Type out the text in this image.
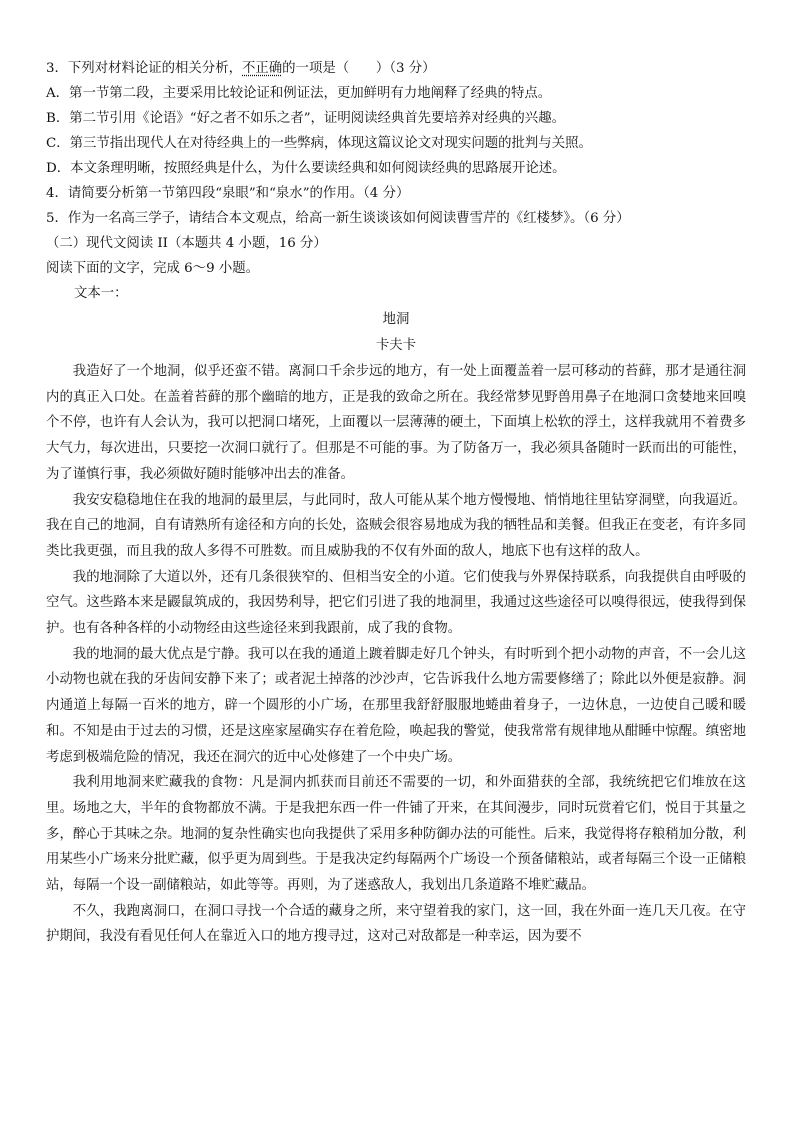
3．下列对材料论证的相关分析，不正确的一项是（　　）（3 分）
A．第一节第二段，主要采用比较论证和例证法，更加鲜明有力地阐释了经典的特点。
B．第二节引用《论语》“好之者不如乐之者”，证明阅读经典首先要培养对经典的兴趣。
C．第三节指出现代人在对待经典上的一些弊病，体现这篇议论文对现实问题的批判与关照。
D．本文条理明晰，按照经典是什么，为什么要读经典和如何阅读经典的思路展开论述。
4．请简要分析第一节第四段“泉眼”和“泉水”的作用。（4 分）
5．作为一名高三学子，请结合本文观点，给高一新生谈谈该如何阅读曹雪芹的《红楼梦》。（6 分）
（二）现代文阅读 II（本题共 4 小题，16 分）
阅读下面的文字，完成 6～9 小题。
文本一：
地洞
卡夫卡

我造好了一个地洞，似乎还蛮不错。离洞口千余步远的地方，有一处上面覆盖着一层可移动的苔藓，那才是通往洞内的真正入口处。在盖着苔藓的那个幽暗的地方，正是我的致命之所在。我经常梦见野兽用鼻子在地洞口贪婪地来回嗅个不停，也许有人会认为，我可以把洞口堵死，上面覆以一层薄薄的硬土，下面填上松软的浮土，这样我就用不着费多大气力，每次进出，只要挖一次洞口就行了。但那是不可能的事。为了防备万一，我必须具备随时一跃而出的可能性，为了谨慎行事，我必须做好随时能够冲出去的准备。

我安安稳稳地住在我的地洞的最里层，与此同时，敌人可能从某个地方慢慢地、悄悄地往里钻穿洞壁，向我逼近。我在自己的地洞，自有请熟所有途径和方向的长处，盗贼会很容易地成为我的牺牲品和美餐。但我正在变老，有许多同类比我更强，而且我的敌人多得不可胜数。而且威胁我的不仅有外面的敌人，地底下也有这样的敌人。

我的地洞除了大道以外，还有几条很狭窄的、但相当安全的小道。它们使我与外界保持联系，向我提供自由呼吸的空气。这些路本来是鼹鼠筑成的，我因势利导，把它们引进了我的地洞里，我通过这些途径可以嗅得很远，使我得到保护。也有各种各样的小动物经由这些途径来到我跟前，成了我的食物。

我的地洞的最大优点是宁静。我可以在我的通道上踱着脚走好几个钟头，有时听到个把小动物的声音，不一会儿这小动物也就在我的牙齿间安静下来了；或者泥土掉落的沙沙声，它告诉我什么地方需要修缮了；除此以外便是寂静。洞内通道上每隔一百米的地方，辟一个圆形的小广场，在那里我舒舒服服地蜷曲着身子，一边休息，一边使自己暖和暖和。不知是由于过去的习惯，还是这座家屋确实存在着危险，唤起我的警觉，使我常常有规律地从酣睡中惊醒。缜密地考虑到极端危险的情况，我还在洞穴的近中心处修建了一个中央广场。

我利用地洞来贮藏我的食物：凡是洞内抓获而目前还不需要的一切，和外面猎获的全部，我统统把它们堆放在这里。场地之大，半年的食物都放不满。于是我把东西一件一件铺了开来，在其间漫步，同时玩赏着它们，悦目于其量之多，醉心于其味之杂。地洞的复杂性确实也向我提供了采用多种防御办法的可能性。后来，我觉得将存粮稍加分散，利用某些小广场来分批贮藏，似乎更为周到些。于是我决定约每隔两个广场设一个预备储粮站，或者每隔三个设一正储粮站，每隔一个设一副储粮站，如此等等。再则，为了迷惑敌人，我划出几条道路不堆贮藏品。

不久，我跑离洞口，在洞口寻找一个合适的藏身之所，来守望着我的家门，这一回，我在外面一连几天几夜。在守护期间，我没有看见任何人在靠近入口的地方搜寻过，这对己对敌都是一种幸运，因为要不
